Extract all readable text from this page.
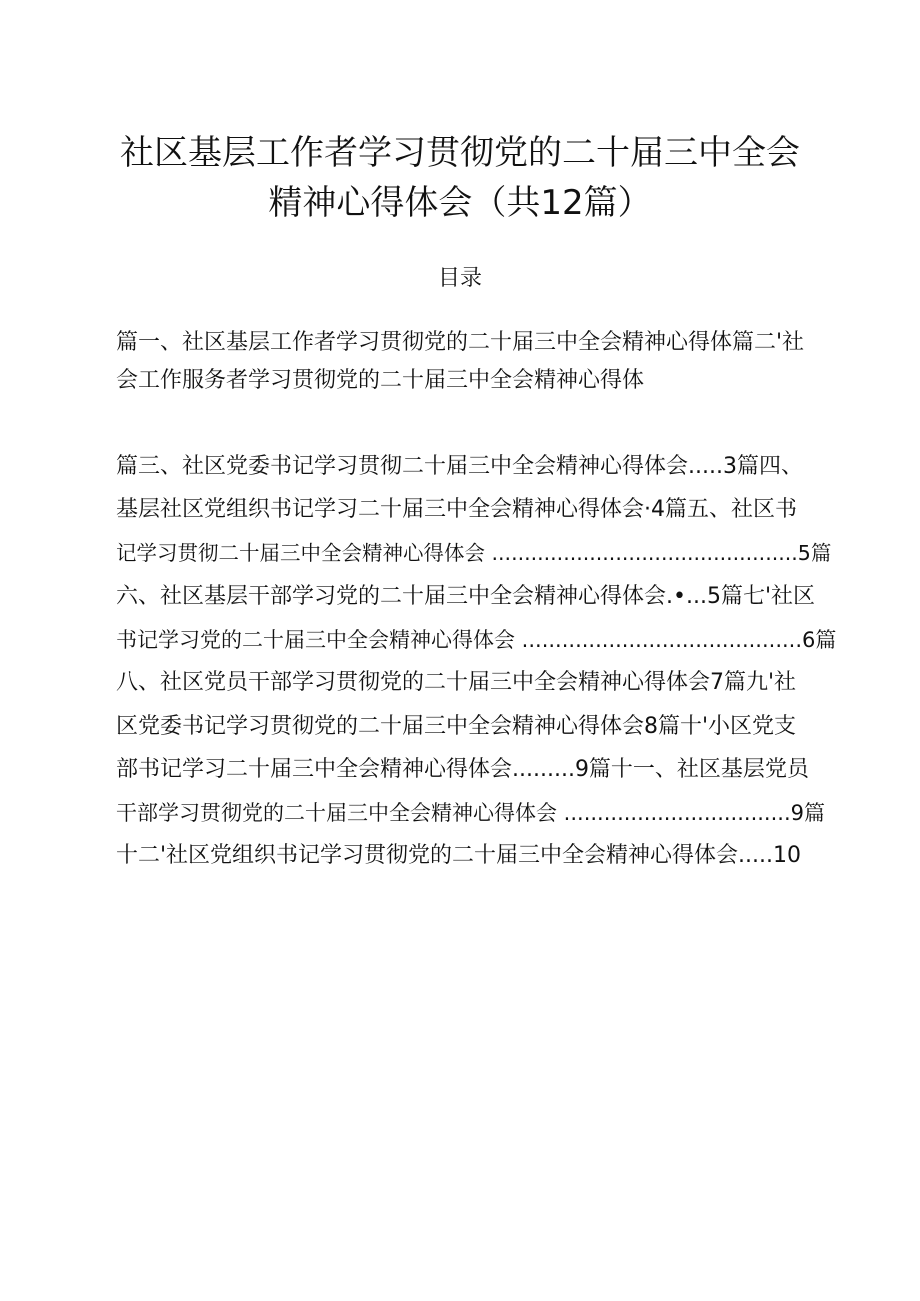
社区基层工作者学习贯彻党的二十届三中全会
精神心得体会（共12篇）
目录
篇一、社区基层工作者学习贯彻党的二十届三中全会精神心得体篇二'社
会工作服务者学习贯彻党的二十届三中全会精神心得体
篇三、社区党委书记学习贯彻二十届三中全会精神心得体会.....3篇四、
基层社区党组织书记学习二十届三中全会精神心得体会·4篇五、社区书
记学习贯彻二十届三中全会精神心得体会 ...............................................5篇
六、社区基层干部学习党的二十届三中全会精神心得体会.•...5篇七'社区
书记学习党的二十届三中全会精神心得体会 ..........................................6篇
八、社区党员干部学习贯彻党的二十届三中全会精神心得体会7篇九'社
区党委书记学习贯彻党的二十届三中全会精神心得体会8篇十'小区党支
部书记学习二十届三中全会精神心得体会.........9篇十一、社区基层党员
干部学习贯彻党的二十届三中全会精神心得体会 ..................................9篇
十二'社区党组织书记学习贯彻党的二十届三中全会精神心得体会.....10
